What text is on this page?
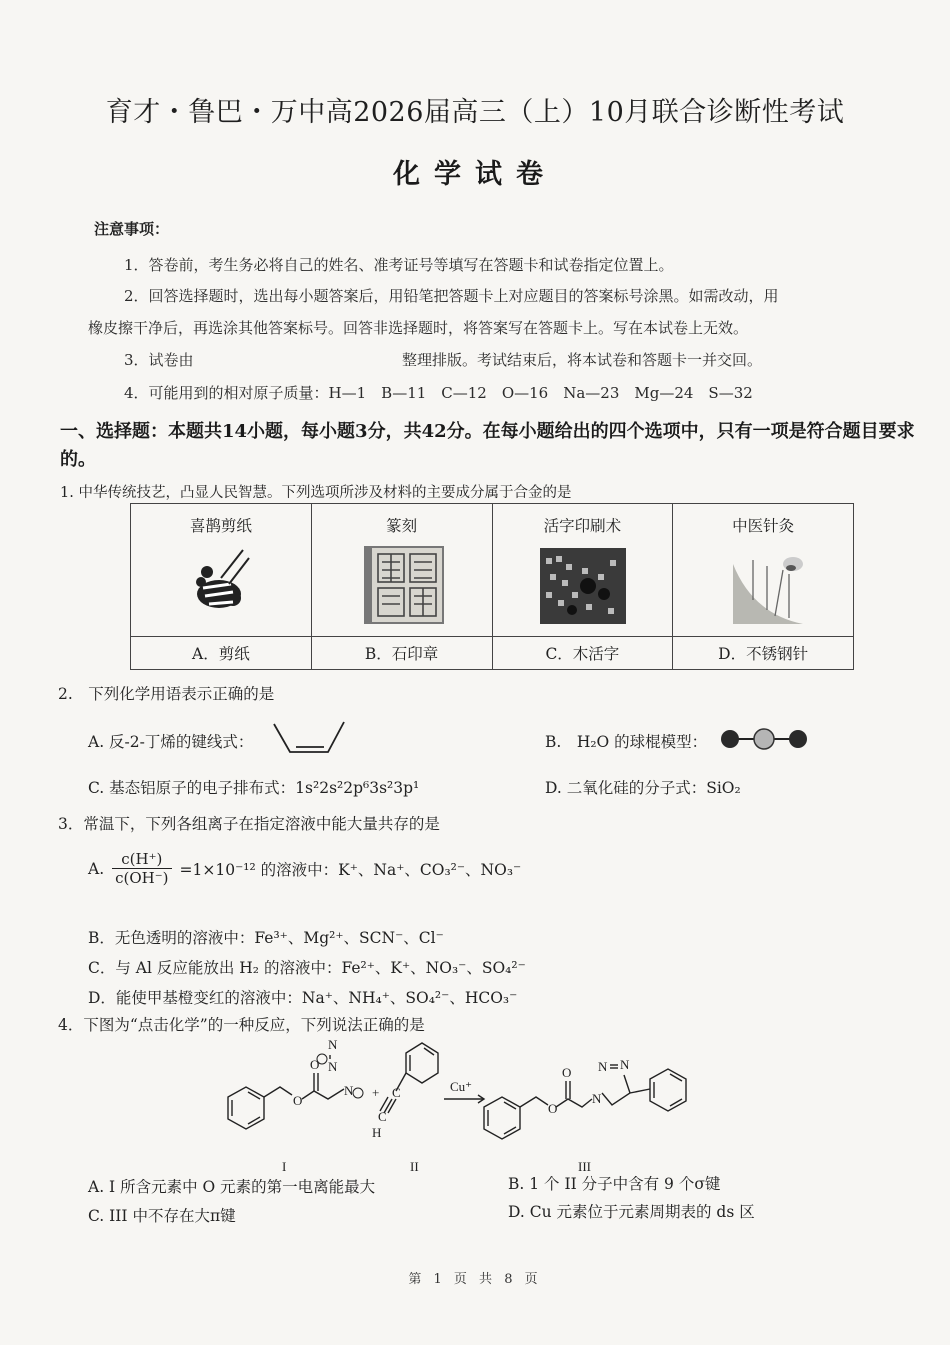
育才・鲁巴・万中高2026届高三（上）10月联合诊断性考试
化学试卷
注意事项：
1．答卷前，考生务必将自己的姓名、准考证号等填写在答题卡和试卷指定位置上。
2．回答选择题时，选出每小题答案后，用铅笔把答题卡上对应题目的答案标号涂黑。如需改动，用
橡皮擦干净后，再选涂其他答案标号。回答非选择题时，将答案写在答题卡上。写在本试卷上无效。
3．试卷由	整理排版。考试结束后，将本试卷和答题卡一并交回。
4．可能用到的相对原子质量：H—1　B—11　C—12　O—16　Na—23　Mg—24　S—32
一、选择题：本题共14小题，每小题3分，共42分。在每小题给出的四个选项中，只有一项是符合题目要求的。
1. 中华传统技艺，凸显人民智慧。下列选项所涉及材料的主要成分属于合金的是
喜鹊剪纸	篆刻	活字印刷术	中医针灸

A．剪纸	B．石印章	C．木活字	D．不锈钢针
2.　下列化学用语表示正确的是
A. 反-2-丁烯的键线式：	B.　H₂O 的球棍模型：
C. 基态铝原子的电子排布式：1s²2s²2p⁶3s²3p¹	D. 二氧化硅的分子式：SiO₂
3．常温下，下列各组离子在指定溶液中能大量共存的是
A. $\frac{c(H^+)}{c(OH^-)} =1\times 10^{-12}$ 的溶液中：K⁺、Na⁺、CO₃²⁻、NO₃⁻
B．无色透明的溶液中：Fe³⁺、Mg²⁺、SCN⁻、Cl⁻
C．与 Al 反应能放出 H₂ 的溶液中：Fe²⁺、K⁺、NO₃⁻、SO₄²⁻
D．能使甲基橙变红的溶液中：Na⁺、NH₄⁺、SO₄²⁻、HCO₃⁻
4．下图为“点击化学”的一种反应，下列说法正确的是
O
O
N
N
N + C
C
H
Cu⁺
O
O
N
N N
I	II	III
A. I 所含元素中 O 元素的第一电离能最大	B. 1 个 II 分子中含有 9 个σ键
C. III 中不存在大π键	D. Cu 元素位于元素周期表的 ds 区
第 1 页 共 8 页
